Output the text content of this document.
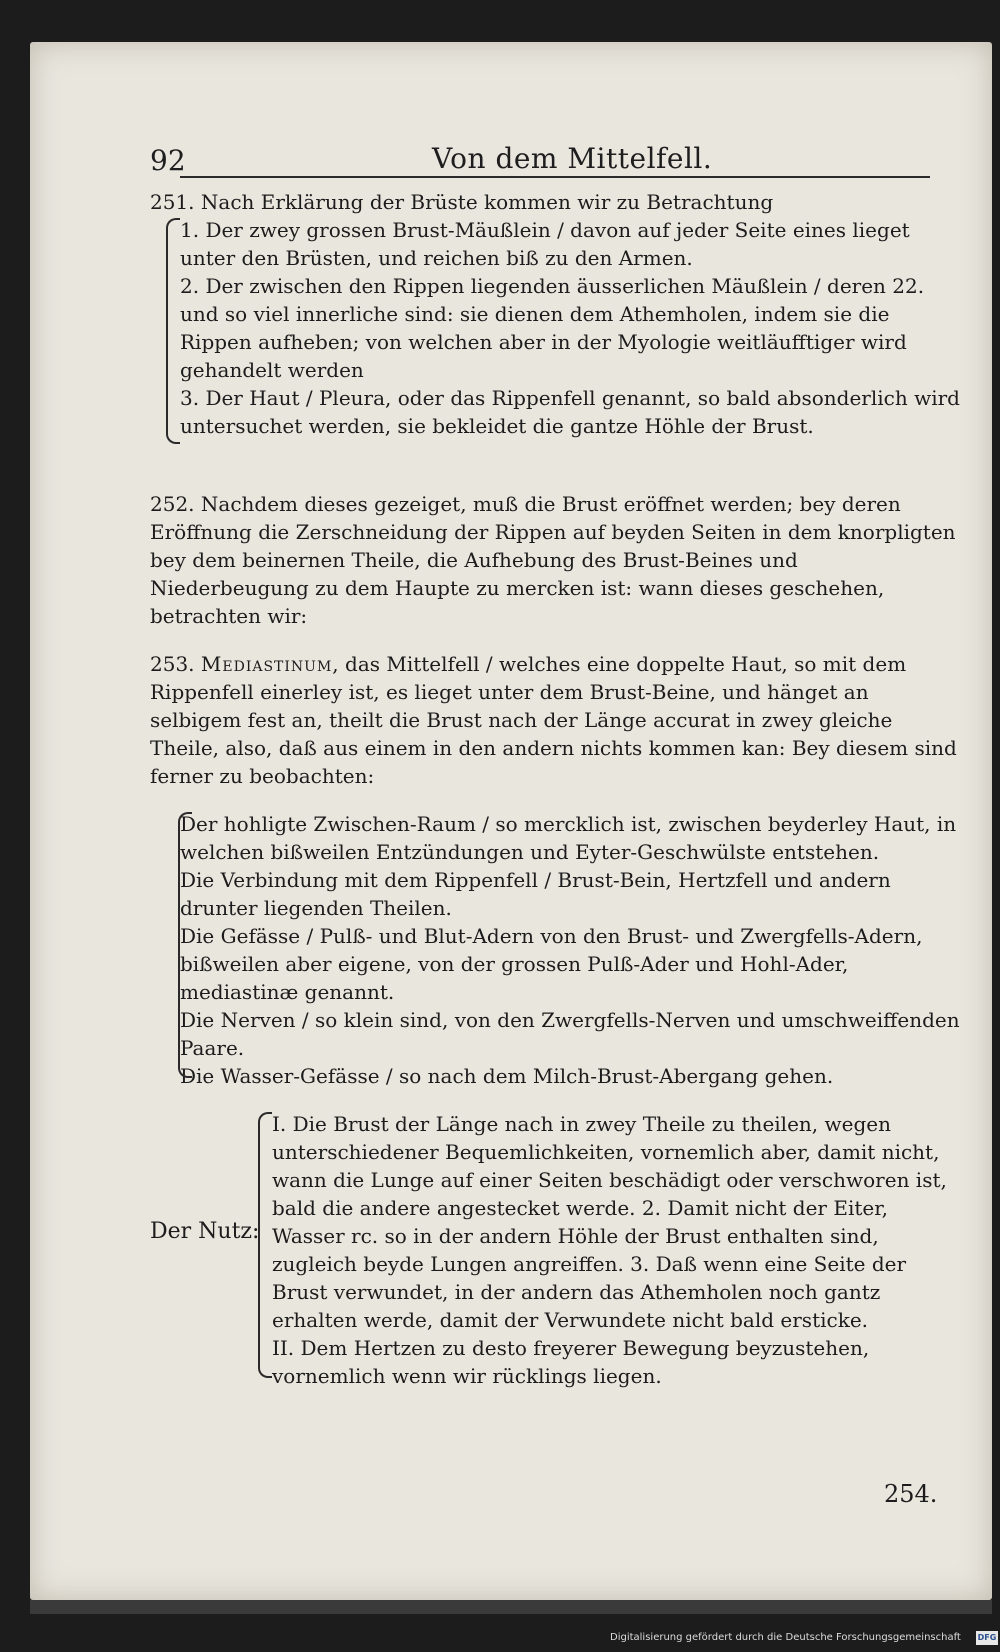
92	Von dem Mittelfell.
251. Nach Erklärung der Brüste kommen wir zu Betrachtung

1. Der zwey grossen Brust-Mäußlein / davon auf jeder Seite eines lieget unter den Brüsten, und reichen biß zu den Armen.

2. Der zwischen den Rippen liegenden äusserlichen Mäußlein / deren 22. und so viel innerliche sind: sie dienen dem Athemholen, indem sie die Rippen aufheben; von welchen aber in der Myologie weitläufftiger wird gehandelt werden

3. Der Haut / Pleura, oder das Rippenfell genannt, so bald absonderlich wird untersuchet werden, sie bekleidet die gantze Höhle der Brust.

252. Nachdem dieses gezeiget, muß die Brust eröffnet werden; bey deren Eröffnung die Zerschneidung der Rippen auf beyden Seiten in dem knorpligten bey dem beinernen Theile, die Aufhebung des Brust-Beines und Niederbeugung zu dem Haupte zu mercken ist: wann dieses geschehen, betrachten wir:
253. Mediastinum, das Mittelfell / welches eine doppelte Haut, so mit dem Rippenfell einerley ist, es lieget unter dem Brust-Beine, und hänget an selbigem fest an, theilt die Brust nach der Länge accurat in zwey gleiche Theile, also, daß aus einem in den andern nichts kommen kan: Bey diesem sind ferner zu beobachten:

Der hohligte Zwischen-Raum / so mercklich ist, zwischen beyderley Haut, in welchen bißweilen Entzündungen und Eyter-Geschwülste entstehen.

Die Verbindung mit dem Rippenfell / Brust-Bein, Hertzfell und andern drunter liegenden Theilen.

Die Gefässe / Pulß- und Blut-Adern von den Brust- und Zwergfells-Adern, bißweilen aber eigene, von der grossen Pulß-Ader und Hohl-Ader, mediastinæ genannt.

Die Nerven / so klein sind, von den Zwergfells-Nerven und umschweiffenden Paare.

Die Wasser-Gefässe / so nach dem Milch-Brust-Abergang gehen.

Der Nutz:

I. Die Brust der Länge nach in zwey Theile zu theilen, wegen unterschiedener Bequemlichkeiten, vornemlich aber, damit nicht, wann die Lunge auf einer Seiten beschädigt oder verschworen ist, bald die andere angestecket werde. 2. Damit nicht der Eiter, Wasser rc. so in der andern Höhle der Brust enthalten sind, zugleich beyde Lungen angreiffen. 3. Daß wenn eine Seite der Brust verwundet, in der andern das Athemholen noch gantz erhalten werde, damit der Verwundete nicht bald ersticke.

II. Dem Hertzen zu desto freyerer Bewegung beyzustehen, vornemlich wenn wir rücklings liegen.

254.
Digitalisierung gefördert durch die Deutsche Forschungsgemeinschaft DFG
